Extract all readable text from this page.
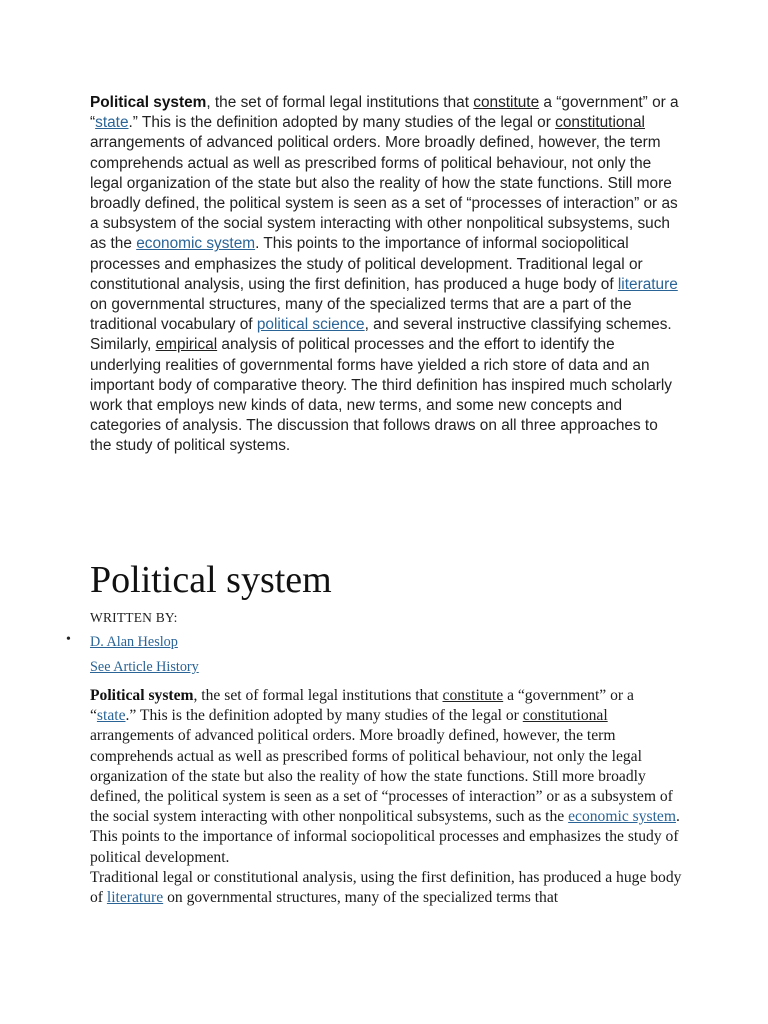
Political system, the set of formal legal institutions that constitute a “government” or a “state.” This is the definition adopted by many studies of the legal or constitutional arrangements of advanced political orders. More broadly defined, however, the term comprehends actual as well as prescribed forms of political behaviour, not only the legal organization of the state but also the reality of how the state functions. Still more broadly defined, the political system is seen as a set of “processes of interaction” or as a subsystem of the social system interacting with other nonpolitical subsystems, such as the economic system. This points to the importance of informal sociopolitical processes and emphasizes the study of political development. Traditional legal or constitutional analysis, using the first definition, has produced a huge body of literature on governmental structures, many of the specialized terms that are a part of the traditional vocabulary of political science, and several instructive classifying schemes.

Similarly, empirical analysis of political processes and the effort to identify the underlying realities of governmental forms have yielded a rich store of data and an important body of comparative theory. The third definition has inspired much scholarly work that employs new kinds of data, new terms, and some new concepts and categories of analysis. The discussion that follows draws on all three approaches to the study of political systems.

Political system
WRITTEN BY:
• D. Alan Heslop
See Article History

Political system, the set of formal legal institutions that constitute a “government” or a “state.” This is the definition adopted by many studies of the legal or constitutional arrangements of advanced political orders. More broadly defined, however, the term comprehends actual as well as prescribed forms of political behaviour, not only the legal organization of the state but also the reality of how the state functions. Still more broadly defined, the political system is seen as a set of “processes of interaction” or as a subsystem of the social system interacting with other nonpolitical subsystems, such as the economic system. This points to the importance of informal sociopolitical processes and emphasizes the study of political development.

Traditional legal or constitutional analysis, using the first definition, has produced a huge body of literature on governmental structures, many of the specialized terms that
